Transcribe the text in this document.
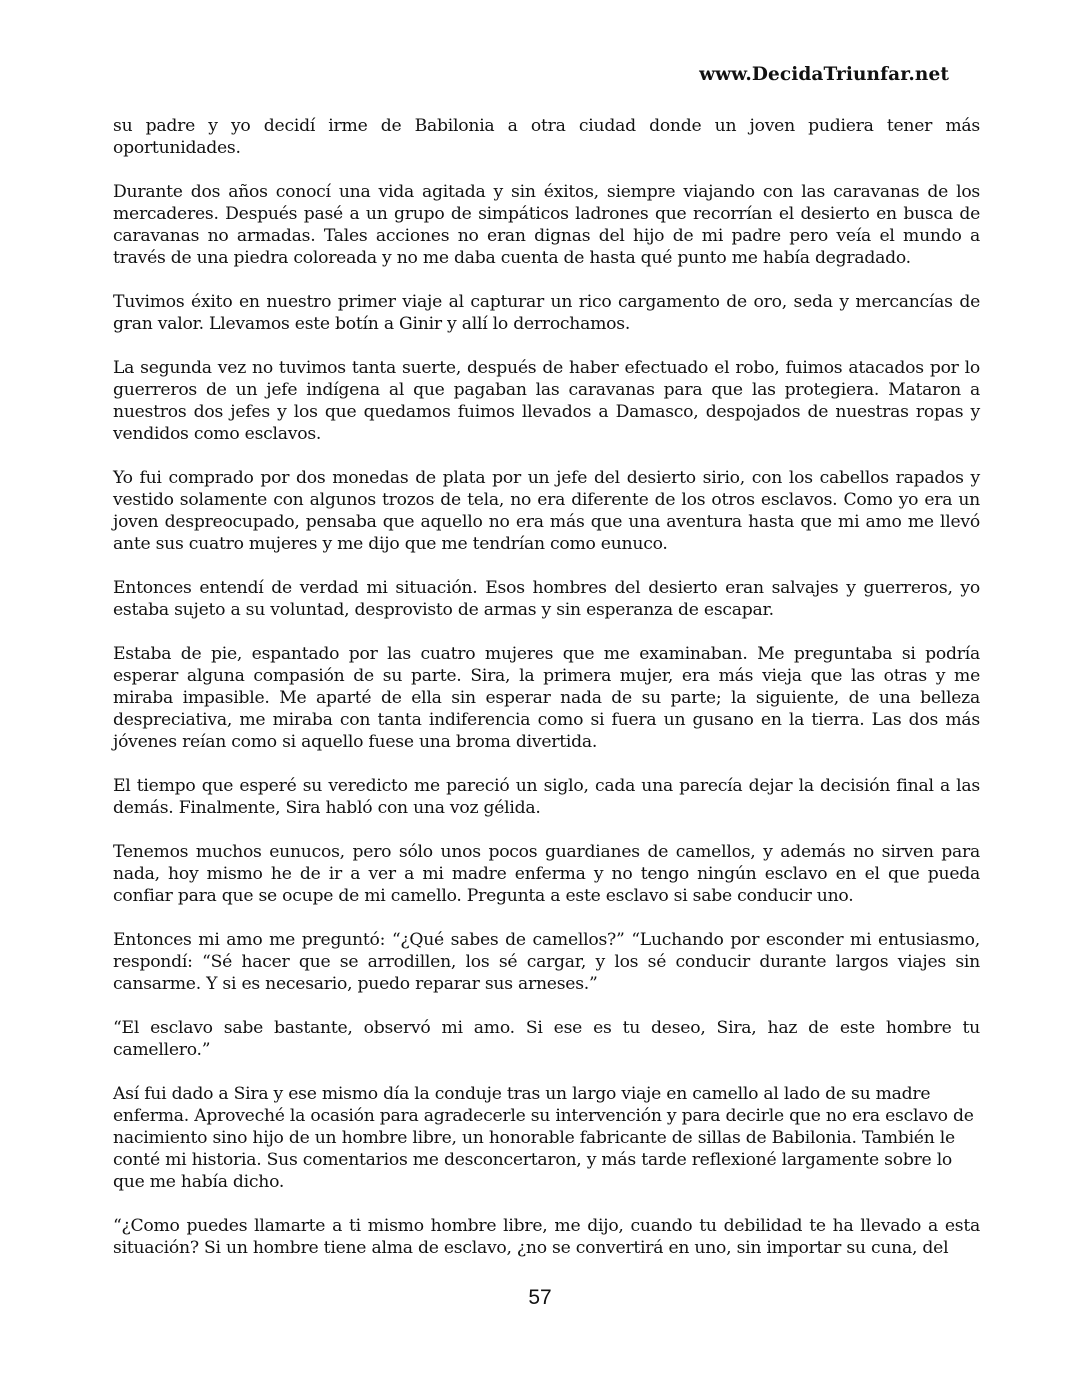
www.DecidaTriunfar.net

su padre y yo decidí irme de Babilonia a otra ciudad donde un joven pudiera tener más oportunidades.

Durante dos años conocí una vida agitada y sin éxitos, siempre viajando con las caravanas de los mercaderes. Después pasé a un grupo de simpáticos ladrones que recorrían el desierto en busca de caravanas no armadas. Tales acciones no eran dignas del hijo de mi padre pero veía el mundo a través de una piedra coloreada y no me daba cuenta de hasta qué punto me había degradado.

Tuvimos éxito en nuestro primer viaje al capturar un rico cargamento de oro, seda y mercancías de gran valor. Llevamos este botín a Ginir y allí lo derrochamos.

La segunda vez no tuvimos tanta suerte, después de haber efectuado el robo, fuimos atacados por lo guerreros de un jefe indígena al que pagaban las caravanas para que las protegiera. Mataron a nuestros dos jefes y los que quedamos fuimos llevados a Damasco, despojados de nuestras ropas y vendidos como esclavos.

Yo fui comprado por dos monedas de plata por un jefe del desierto sirio, con los cabellos rapados y vestido solamente con algunos trozos de tela, no era diferente de los otros esclavos. Como yo era un joven despreocupado, pensaba que aquello no era más que una aventura hasta que mi amo me llevó ante sus cuatro mujeres y me dijo que me tendrían como eunuco.

Entonces entendí de verdad mi situación. Esos hombres del desierto eran salvajes y guerreros, yo estaba sujeto a su voluntad, desprovisto de armas y sin esperanza de escapar.

Estaba de pie, espantado por las cuatro mujeres que me examinaban. Me preguntaba si podría esperar alguna compasión de su parte. Sira, la primera mujer, era más vieja que las otras y me miraba impasible. Me aparté de ella sin esperar nada de su parte; la siguiente, de una belleza despreciativa, me miraba con tanta indiferencia como si fuera un gusano en la tierra. Las dos más jóvenes reían como si aquello fuese una broma divertida.

El tiempo que esperé su veredicto me pareció un siglo, cada una parecía dejar la decisión final a las demás. Finalmente, Sira habló con una voz gélida.

Tenemos muchos eunucos, pero sólo unos pocos guardianes de camellos, y además no sirven para nada, hoy mismo he de ir a ver a mi madre enferma y no tengo ningún esclavo en el que pueda confiar para que se ocupe de mi camello. Pregunta a este esclavo si sabe conducir uno.

Entonces mi amo me preguntó: “¿Qué sabes de camellos?” “Luchando por esconder mi entusiasmo, respondí: “Sé hacer que se arrodillen, los sé cargar, y los sé conducir durante largos viajes sin cansarme. Y si es necesario, puedo reparar sus arneses.”

“El esclavo sabe bastante, observó mi amo. Si ese es tu deseo, Sira, haz de este hombre tu camellero.”

Así fui dado a Sira y ese mismo día la conduje tras un largo viaje en camello al lado de su madre enferma. Aproveché la ocasión para agradecerle su intervención y para decirle que no era esclavo de nacimiento sino hijo de un hombre libre, un honorable fabricante de sillas de Babilonia. También le conté mi historia. Sus comentarios me desconcertaron, y más tarde reflexioné largamente sobre lo que me había dicho.

“¿Como puedes llamarte a ti mismo hombre libre, me dijo, cuando tu debilidad te ha llevado a esta situación? Si un hombre tiene alma de esclavo, ¿no se convertirá en uno, sin importar su cuna, del

57
